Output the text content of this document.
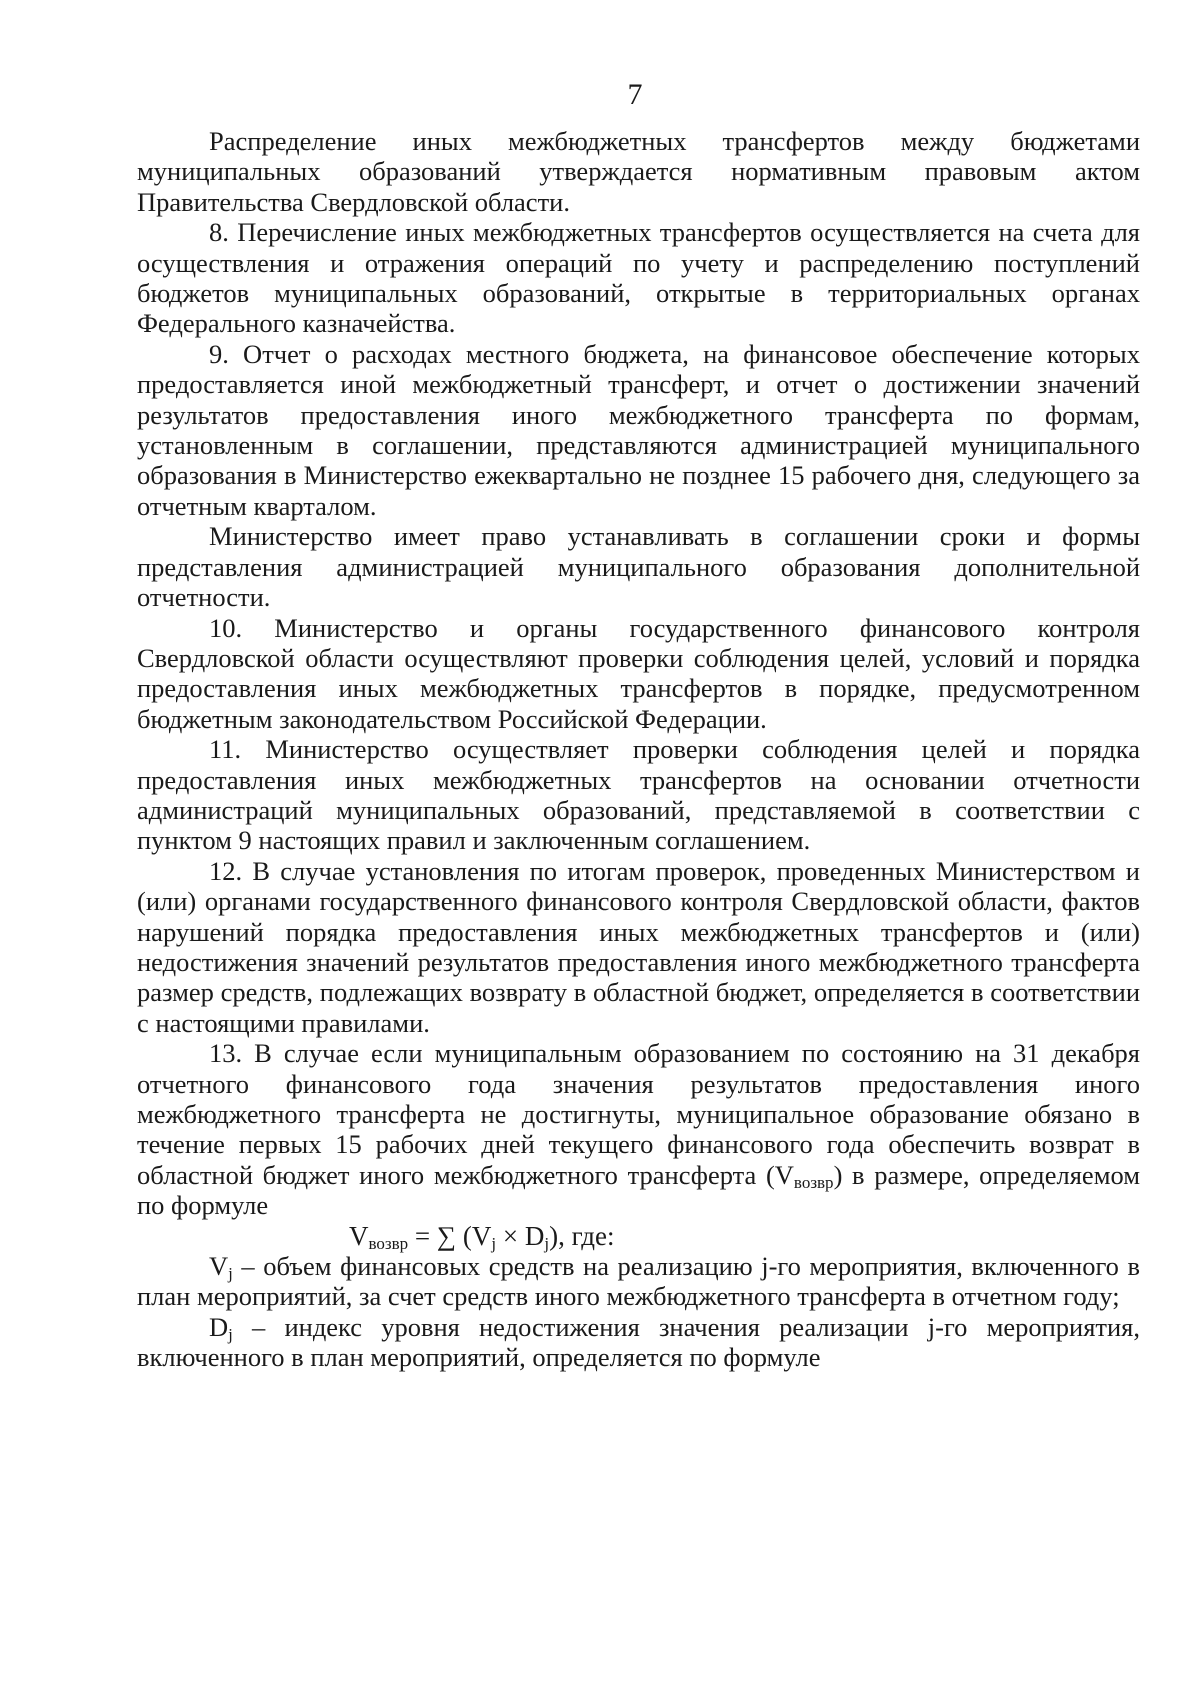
7

Распределение иных межбюджетных трансфертов между бюджетами муниципальных образований утверждается нормативным правовым актом Правительства Свердловской области.

8. Перечисление иных межбюджетных трансфертов осуществляется на счета для осуществления и отражения операций по учету и распределению поступлений бюджетов муниципальных образований, открытые в территориальных органах Федерального казначейства.

9. Отчет о расходах местного бюджета, на финансовое обеспечение которых предоставляется иной межбюджетный трансферт, и отчет о достижении значений результатов предоставления иного межбюджетного трансферта по формам, установленным в соглашении, представляются администрацией муниципального образования в Министерство ежеквартально не позднее 15 рабочего дня, следующего за отчетным кварталом.

Министерство имеет право устанавливать в соглашении сроки и формы представления администрацией муниципального образования дополнительной отчетности.

10. Министерство и органы государственного финансового контроля Свердловской области осуществляют проверки соблюдения целей, условий и порядка предоставления иных межбюджетных трансфертов в порядке, предусмотренном бюджетным законодательством Российской Федерации.

11. Министерство осуществляет проверки соблюдения целей и порядка предоставления иных межбюджетных трансфертов на основании отчетности администраций муниципальных образований, представляемой в соответствии с пунктом 9 настоящих правил и заключенным соглашением.

12. В случае установления по итогам проверок, проведенных Министерством и (или) органами государственного финансового контроля Свердловской области, фактов нарушений порядка предоставления иных межбюджетных трансфертов и (или) недостижения значений результатов предоставления иного межбюджетного трансферта размер средств, подлежащих возврату в областной бюджет, определяется в соответствии с настоящими правилами.

13. В случае если муниципальным образованием по состоянию на 31 декабря отчетного финансового года значения результатов предоставления иного межбюджетного трансферта не достигнуты, муниципальное образование обязано в течение первых 15 рабочих дней текущего финансового года обеспечить возврат в областной бюджет иного межбюджетного трансферта $(V_{возвр})$ в размере, определяемом по формуле

$V_{возвр}$ = ∑ $(V_j \times D_j)$, где:

$V_j$ – объем финансовых средств на реализацию j-го мероприятия, включенного в план мероприятий, за счет средств иного межбюджетного трансферта в отчетном году;

$D_j$ – индекс уровня недостижения значения реализации j-го мероприятия, включенного в план мероприятий, определяется по формуле
